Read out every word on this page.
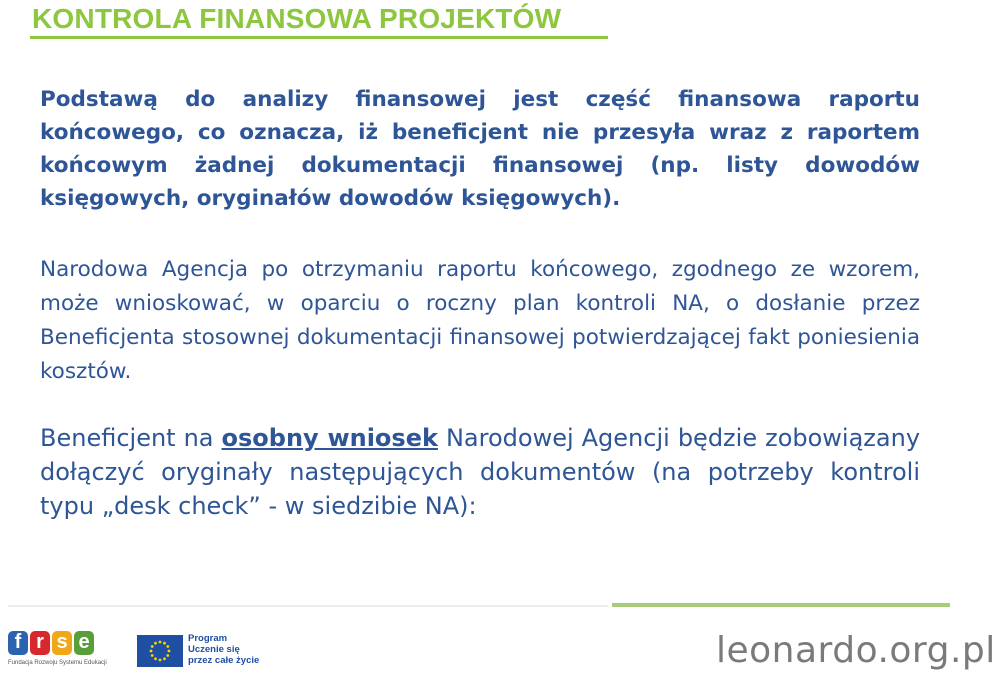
KONTROLA FINANSOWA PROJEKTÓW

Podstawą do analizy finansowej jest część finansowa raportu końcowego, co oznacza, iż beneficjent nie przesyła wraz z raportem końcowym żadnej dokumentacji finansowej (np. listy dowodów księgowych, oryginałów dowodów księgowych).

Narodowa Agencja po otrzymaniu raportu końcowego, zgodnego ze wzorem, może wnioskować, w oparciu o roczny plan kontroli NA, o dosłanie przez Beneficjenta stosownej dokumentacji finansowej potwierdzającej fakt poniesienia kosztów.

Beneficjent na osobny wniosek Narodowej Agencji będzie zobowiązany dołączyć oryginały następujących dokumentów (na potrzeby kontroli typu „desk check” - w siedzibie NA):

f r s e
Fundacja Rozwoju Systemu Edukacji
Program
Uczenie się
przez całe życie	leonardo.org.pl
